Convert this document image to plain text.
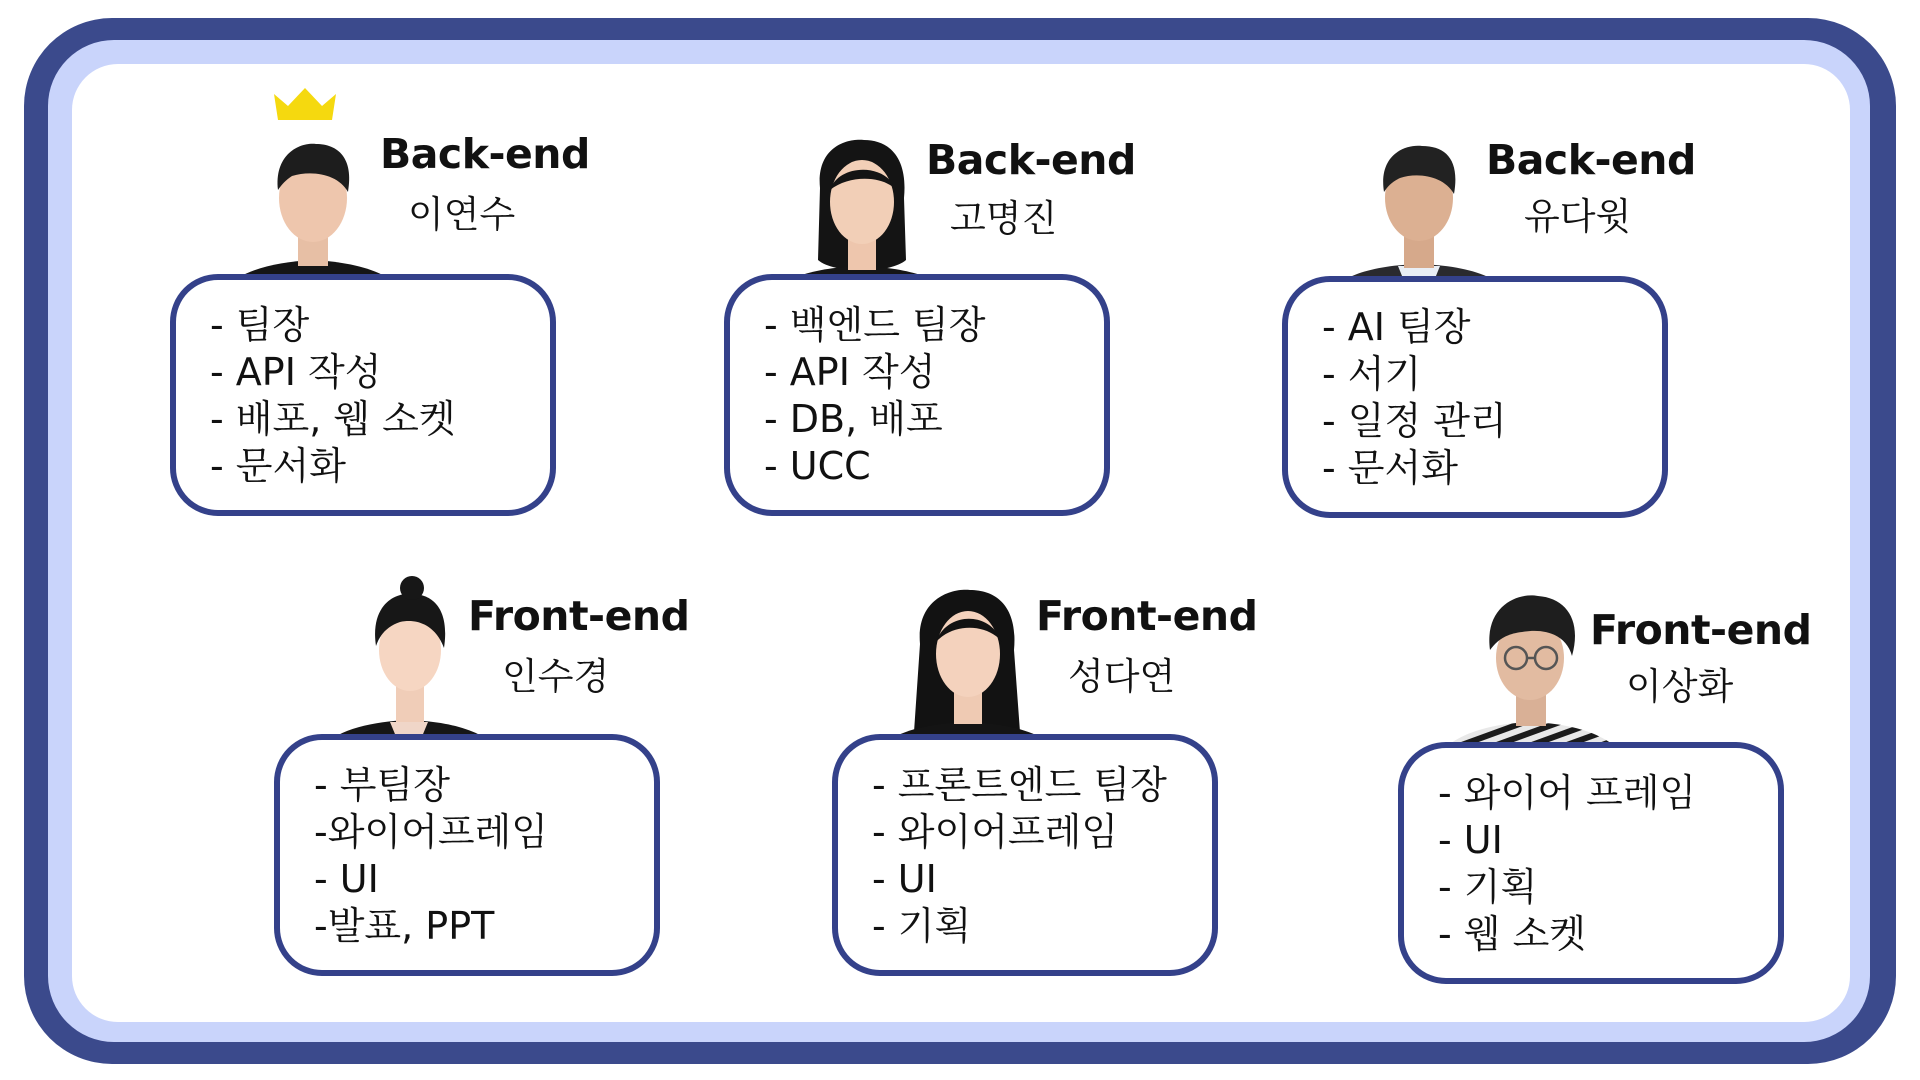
Back-end
이연수
- 팀장
- API 작성
- 배포, 웹 소켓
- 문서화
Back-end
고명진
- 백엔드 팀장
- API 작성
- DB, 배포
- UCC
Back-end
유다윗
- AI 팀장
- 서기
- 일정 관리
- 문서화
Front-end
인수경
- 부팀장
-와이어프레임
- UI
-발표, PPT
Front-end
성다연
- 프론트엔드 팀장
- 와이어프레임
- UI
- 기획
Front-end
이상화
- 와이어 프레임
- UI
- 기획
- 웹 소켓
